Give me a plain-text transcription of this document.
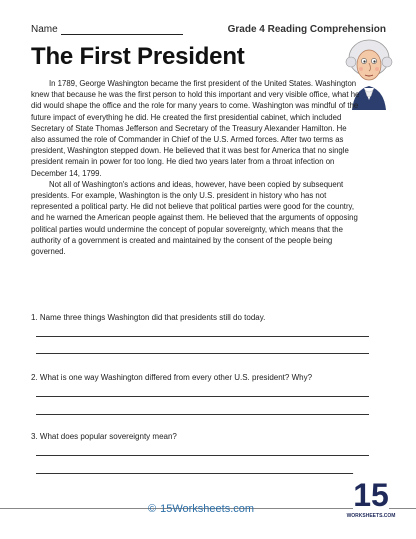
Name	Grade 4 Reading Comprehension
The First President

In 1789, George Washington became the first president of the United States. Washington knew that because he was the first person to hold this important and very visible office, what he did would shape the office and the role for many years to come. Washington was mindful of the future impact of everything he did. He created the first presidential cabinet, which included Secretary of State Thomas Jefferson and Secretary of the Treasury Alexander Hamilton. He also assumed the role of Commander in Chief of the U.S. Armed forces. After two terms as president, Washington stepped down. He believed that it was best for America that no single president remain in power for too long. He died two years later from a throat infection on December 14, 1799.

Not all of Washington's actions and ideas, however, have been copied by subsequent presidents. For example, Washington is the only U.S. president in history who has not represented a political party. He did not believe that political parties were good for the country, and he warned the American people against them. He believed that the arguments of opposing political parties would undermine the concept of popular sovereignty, which means that the authority of a government is created and maintained by the consent of the people being governed.

1. Name three things Washington did that presidents still do today.
2. What is one way Washington differed from every other U.S. president? Why?
3. What does popular sovereignty mean?
© 15Worksheets.com	15
WORKSHEETS.COM
